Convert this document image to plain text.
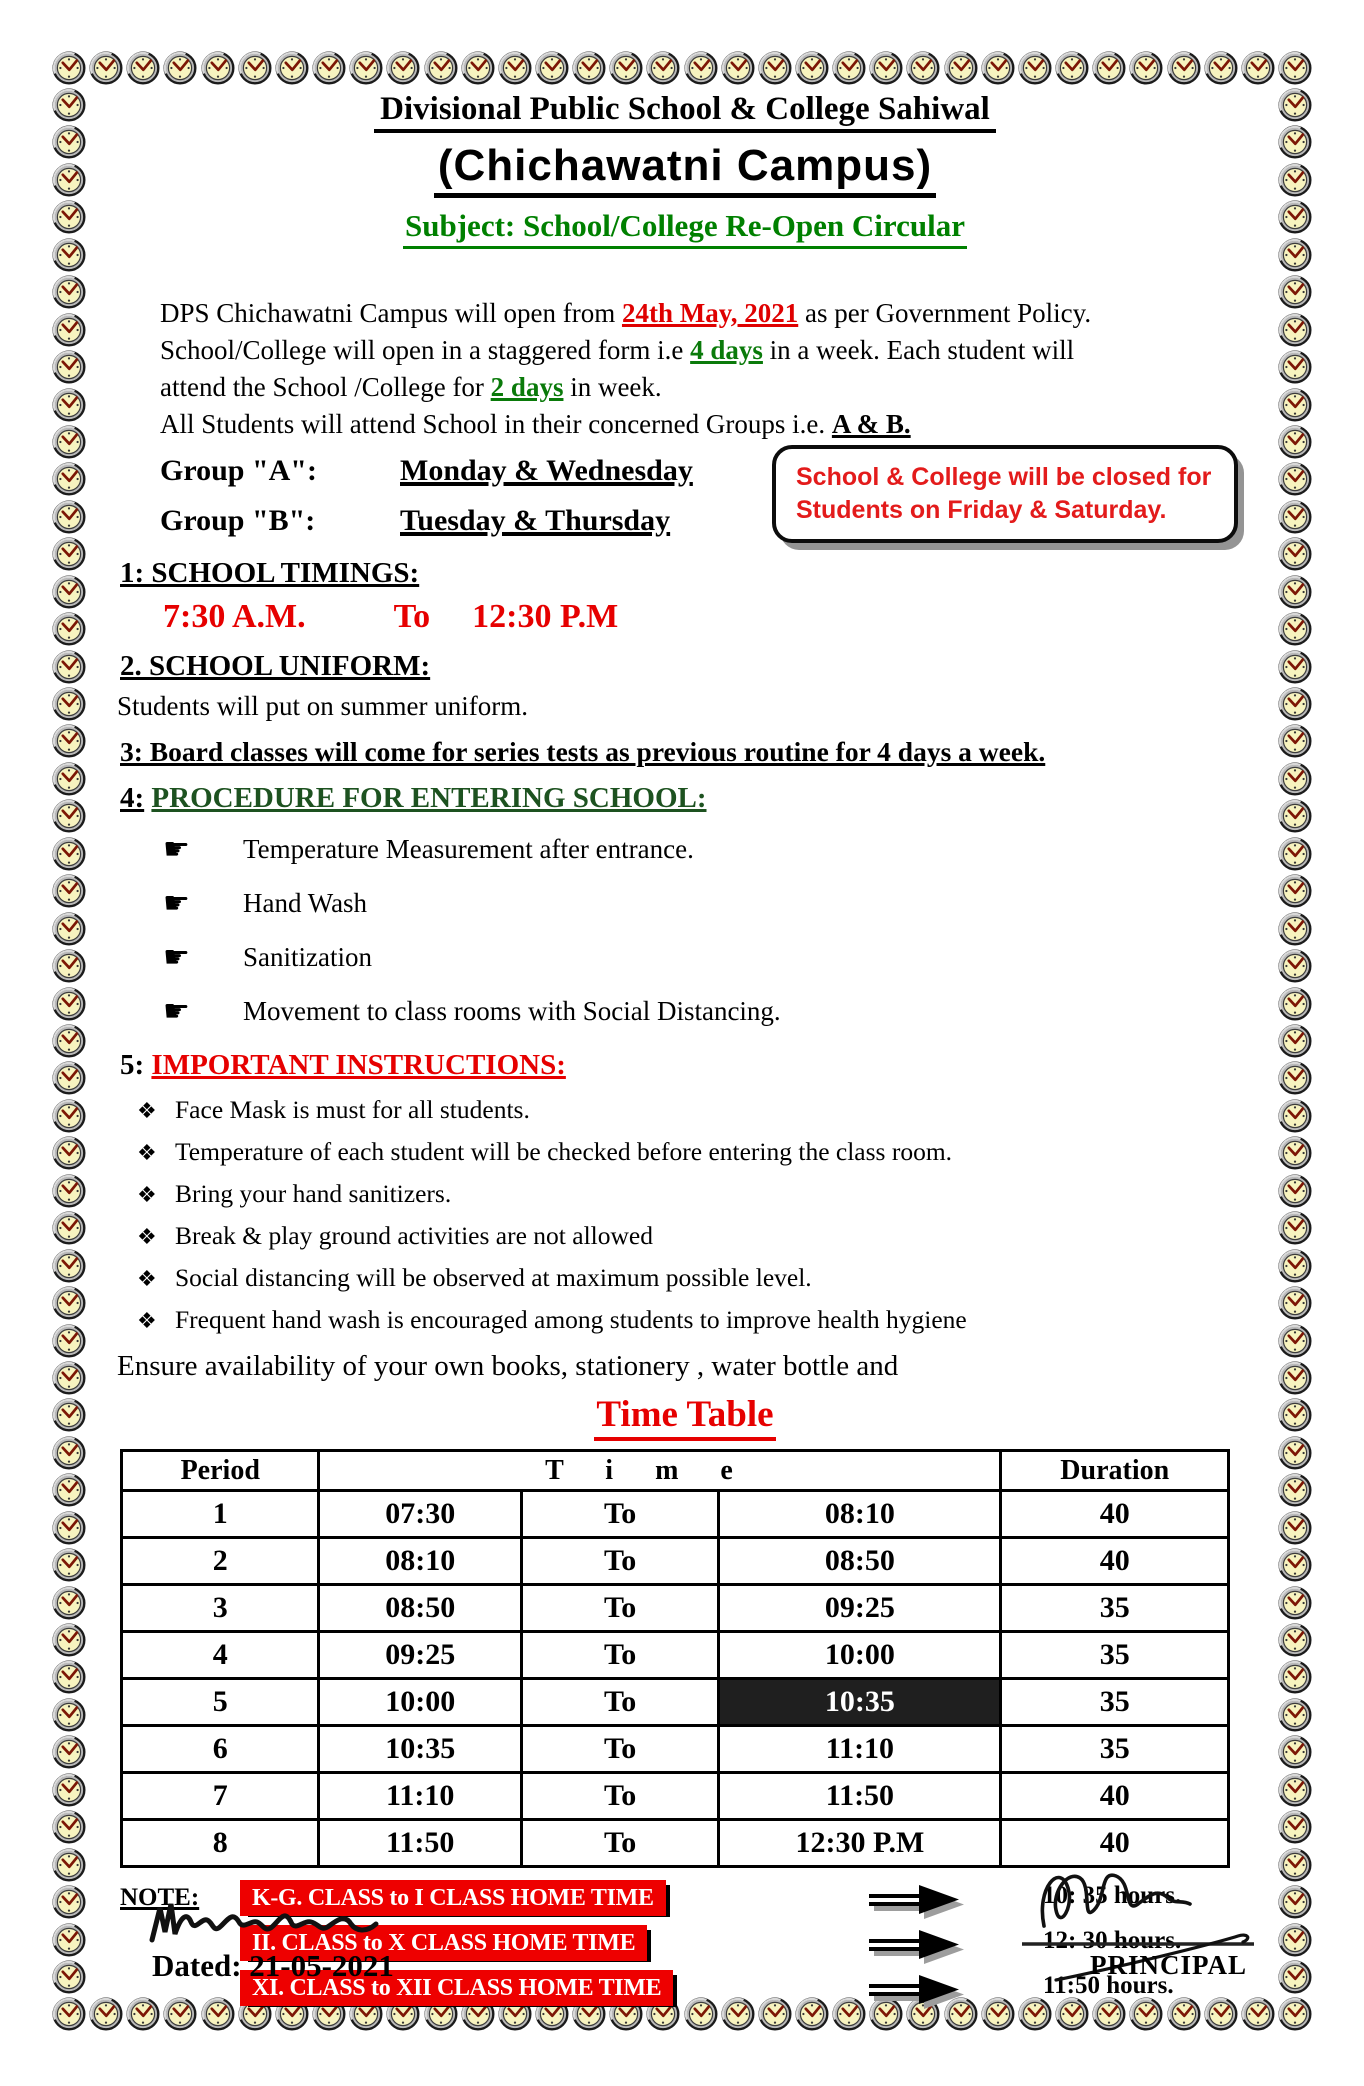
Divisional Public School & College Sahiwal
(Chichawatni Campus)
Subject: School/College Re-Open Circular
DPS Chichawatni Campus will open from 24th May, 2021 as per Government Policy.
School/College will open in a staggered form i.e 4 days in a week. Each student will
attend the School /College for 2 days in week.
All Students will attend School in their concerned Groups i.e. A & B.
Group "A":	Monday & Wednesday
Group "B":	Tuesday & Thursday
School & College will be closed for
Students on Friday & Saturday.
1: SCHOOL TIMINGS:
7:30 A.M.	To 12:30 P.M
2. SCHOOL UNIFORM:
Students will put on summer uniform.
3: Board classes will come for series tests as previous routine for 4 days a week.
4: PROCEDURE FOR ENTERING SCHOOL:
☛	Temperature Measurement after entrance.
☛	Hand Wash
☛	Sanitization
☛	Movement to class rooms with Social Distancing.
5: IMPORTANT INSTRUCTIONS:
❖ Face Mask is must for all students.
❖ Temperature of each student will be checked before entering the class room.
❖ Bring your hand sanitizers.
❖ Break & play ground activities are not allowed
❖ Social distancing will be observed at maximum possible level.
❖ Frequent hand wash is encouraged among students to improve health hygiene
Ensure availability of your own books, stationery , water bottle and
Time Table
Period	Time			Duration
1	07:30	To	08:10	40
2	08:10	To	08:50	40
3	08:50	To	09:25	35
4	09:25	To	10:00	35
5	10:00	To	10:35	35
6	10:35	To	11:10	35
7	11:10	To	11:50	40
8	11:50	To	12:30 P.M	40
NOTE:	K-G. CLASS to I CLASS HOME TIME	10: 35 hours.
II. CLASS to X CLASS HOME TIME	12: 30 hours.
XI. CLASS to XII CLASS HOME TIME	11:50 hours.
Dated: 21-05-2021	PRINCIPAL
